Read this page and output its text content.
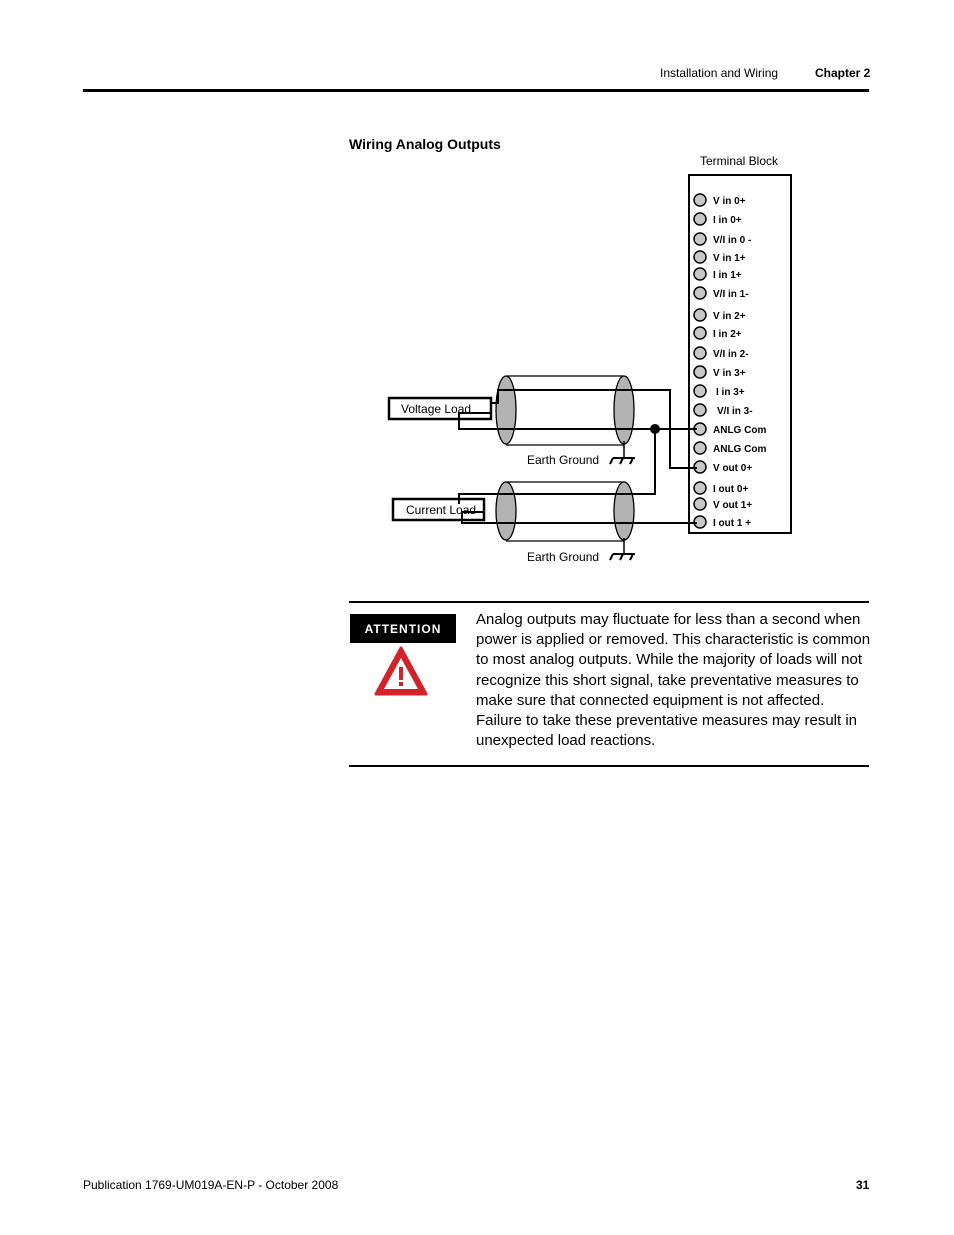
Installation and Wiring	Chapter 2
Wiring Analog Outputs
Terminal Block
V in 0+
I in 0+
V/I in 0 -
V in 1+
I in 1+
V/I in 1-
V in 2+
I in 2+
V/I in 2-
V in 3+
I in 3+
V/I in 3-
ANLG Com
ANLG Com
V out 0+
I out 0+
V out 1+
I out 1 +
Voltage Load
Current Load
Earth Ground
Earth Ground
ATTENTION
Analog outputs may fluctuate for less than a second when power is applied or removed. This characteristic is common to most analog outputs. While the majority of loads will not recognize this short signal, take preventative measures to make sure that connected equipment is not affected. Failure to take these preventative measures may result in unexpected load reactions.
Publication 1769-UM019A-EN-P - October 2008	31
